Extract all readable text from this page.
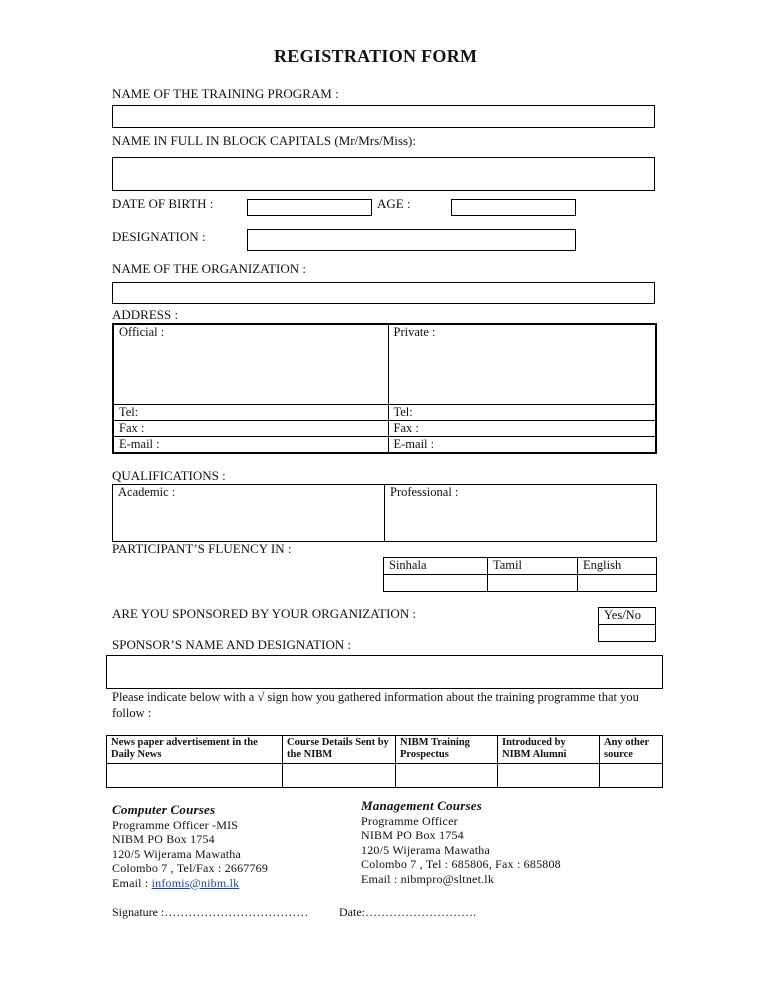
REGISTRATION FORM
NAME OF THE TRAINING PROGRAM :
NAME IN FULL IN BLOCK CAPITALS (Mr/Mrs/Miss):
DATE OF BIRTH :	AGE :
DESIGNATION :
NAME OF THE ORGANIZATION :
ADDRESS :
Official :	Private :
Tel:	Tel:
Fax :	Fax :
E-mail :	E-mail :
QUALIFICATIONS :
Academic :	Professional :
PARTICIPANT’S FLUENCY IN :
Sinhala	Tamil	English

ARE YOU SPONSORED BY YOUR ORGANIZATION :	Yes/No

SPONSOR’S NAME AND DESIGNATION :
Please indicate below with a √ sign how you gathered information about the training programme that you follow :
News paper advertisement in the Daily News	Course Details Sent by the NIBM	NIBM Training Prospectus	Introduced by NIBM Alumni	Any other source

Computer Courses
Programme Officer -MIS
NIBM PO Box 1754
120/5 Wijerama Mawatha
Colombo 7 , Tel/Fax : 2667769
Email : infomis@nibm.lk
Management Courses
Programme Officer
NIBM PO Box 1754
120/5 Wijerama Mawatha
Colombo 7 , Tel : 685806, Fax : 685808
Email : nibmpro@sltnet.lk
Signature :………………………………	Date:……………………….
